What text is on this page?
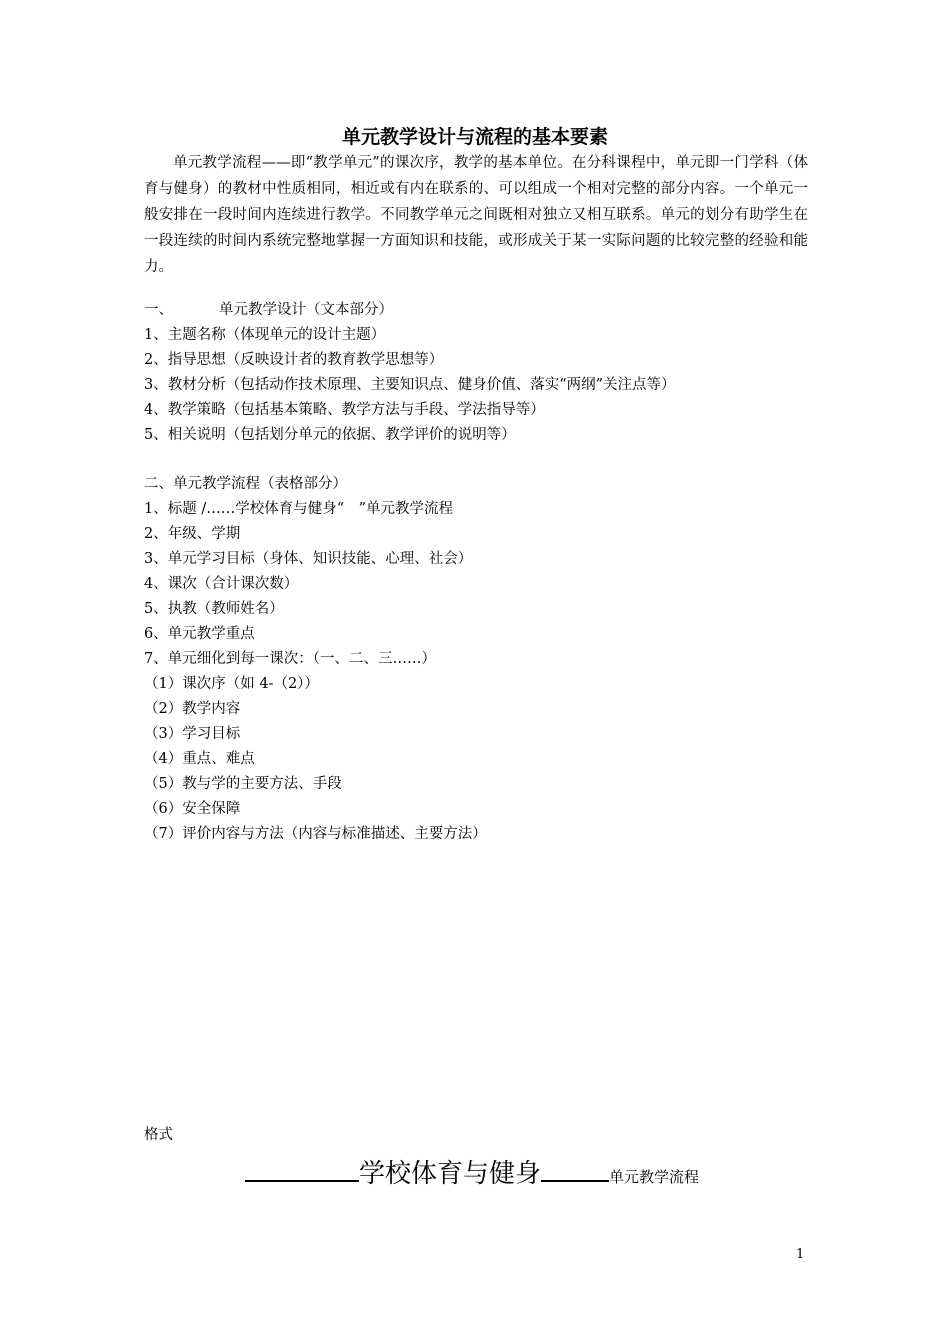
单元教学设计与流程的基本要素
单元教学流程——即“教学单元”的课次序，教学的基本单位。在分科课程中，单元即一门学科（体育与健身）的教材中性质相同，相近或有内在联系的、可以组成一个相对完整的部分内容。一个单元一般安排在一段时间内连续进行教学。不同教学单元之间既相对独立又相互联系。单元的划分有助学生在一段连续的时间内系统完整地掌握一方面知识和技能，或形成关于某一实际问题的比较完整的经验和能力。
一、	单元教学设计（文本部分）
1、主题名称（体现单元的设计主题）
2、指导思想（反映设计者的教育教学思想等）
3、教材分析（包括动作技术原理、主要知识点、健身价值、落实“两纲”关注点等）
4、教学策略（包括基本策略、教学方法与手段、学法指导等）
5、相关说明（包括划分单元的依据、教学评价的说明等）
二、单元教学流程（表格部分）
1、标题 /……学校体育与健身“　”单元教学流程
2、年级、学期
3、单元学习目标（身体、知识技能、心理、社会）
4、课次（合计课次数）
5、执教（教师姓名）
6、单元教学重点
7、单元细化到每一课次：（一、二、三……）
（1）课次序（如 4-（2））
（2）教学内容
（3）学习目标
（4）重点、难点
（5）教与学的主要方法、手段
（6）安全保障
（7）评价内容与方法（内容与标准描述、主要方法）
格式
学校体育与健身	单元教学流程
1
